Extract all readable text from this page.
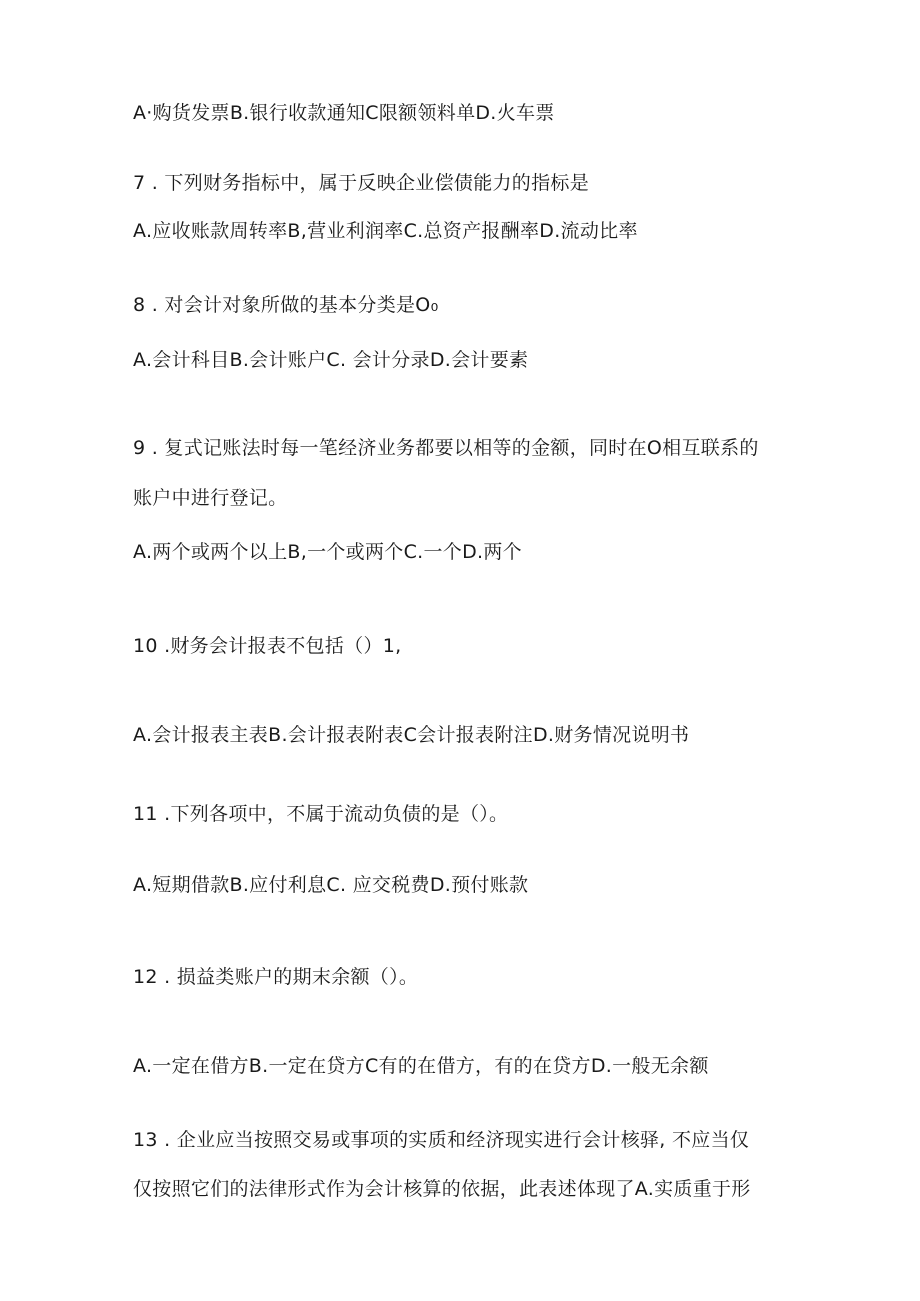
A·购货发票B.银行收款通知C限额领料单D.火车票
7 . 下列财务指标中，属于反映企业偿债能力的指标是
A.应收账款周转率B,营业利润率C.总资产报酬率D.流动比率
8 . 对会计对象所做的基本分类是O₀
A.会计科目B.会计账户C. 会计分录D.会计要素
9 . 复式记账法时每一笔经济业务都要以相等的金额，同时在O相互联系的
账户中进行登记。
A.两个或两个以上B,一个或两个C.一个D.两个
10 .财务会计报表不包括（）1,
A.会计报表主表B.会计报表附表C会计报表附注D.财务情况说明书
11 .下列各项中，不属于流动负债的是（）。
A.短期借款B.应付利息C. 应交税费D.预付账款
12 . 损益类账户的期末余额（）。
A.一定在借方B.一定在贷方C有的在借方，有的在贷方D.一般无余额
13 . 企业应当按照交易或事项的实质和经济现实进行会计核驿, 不应当仅
仅按照它们的法律形式作为会计核算的依据，此表述体现了A.实质重于形
